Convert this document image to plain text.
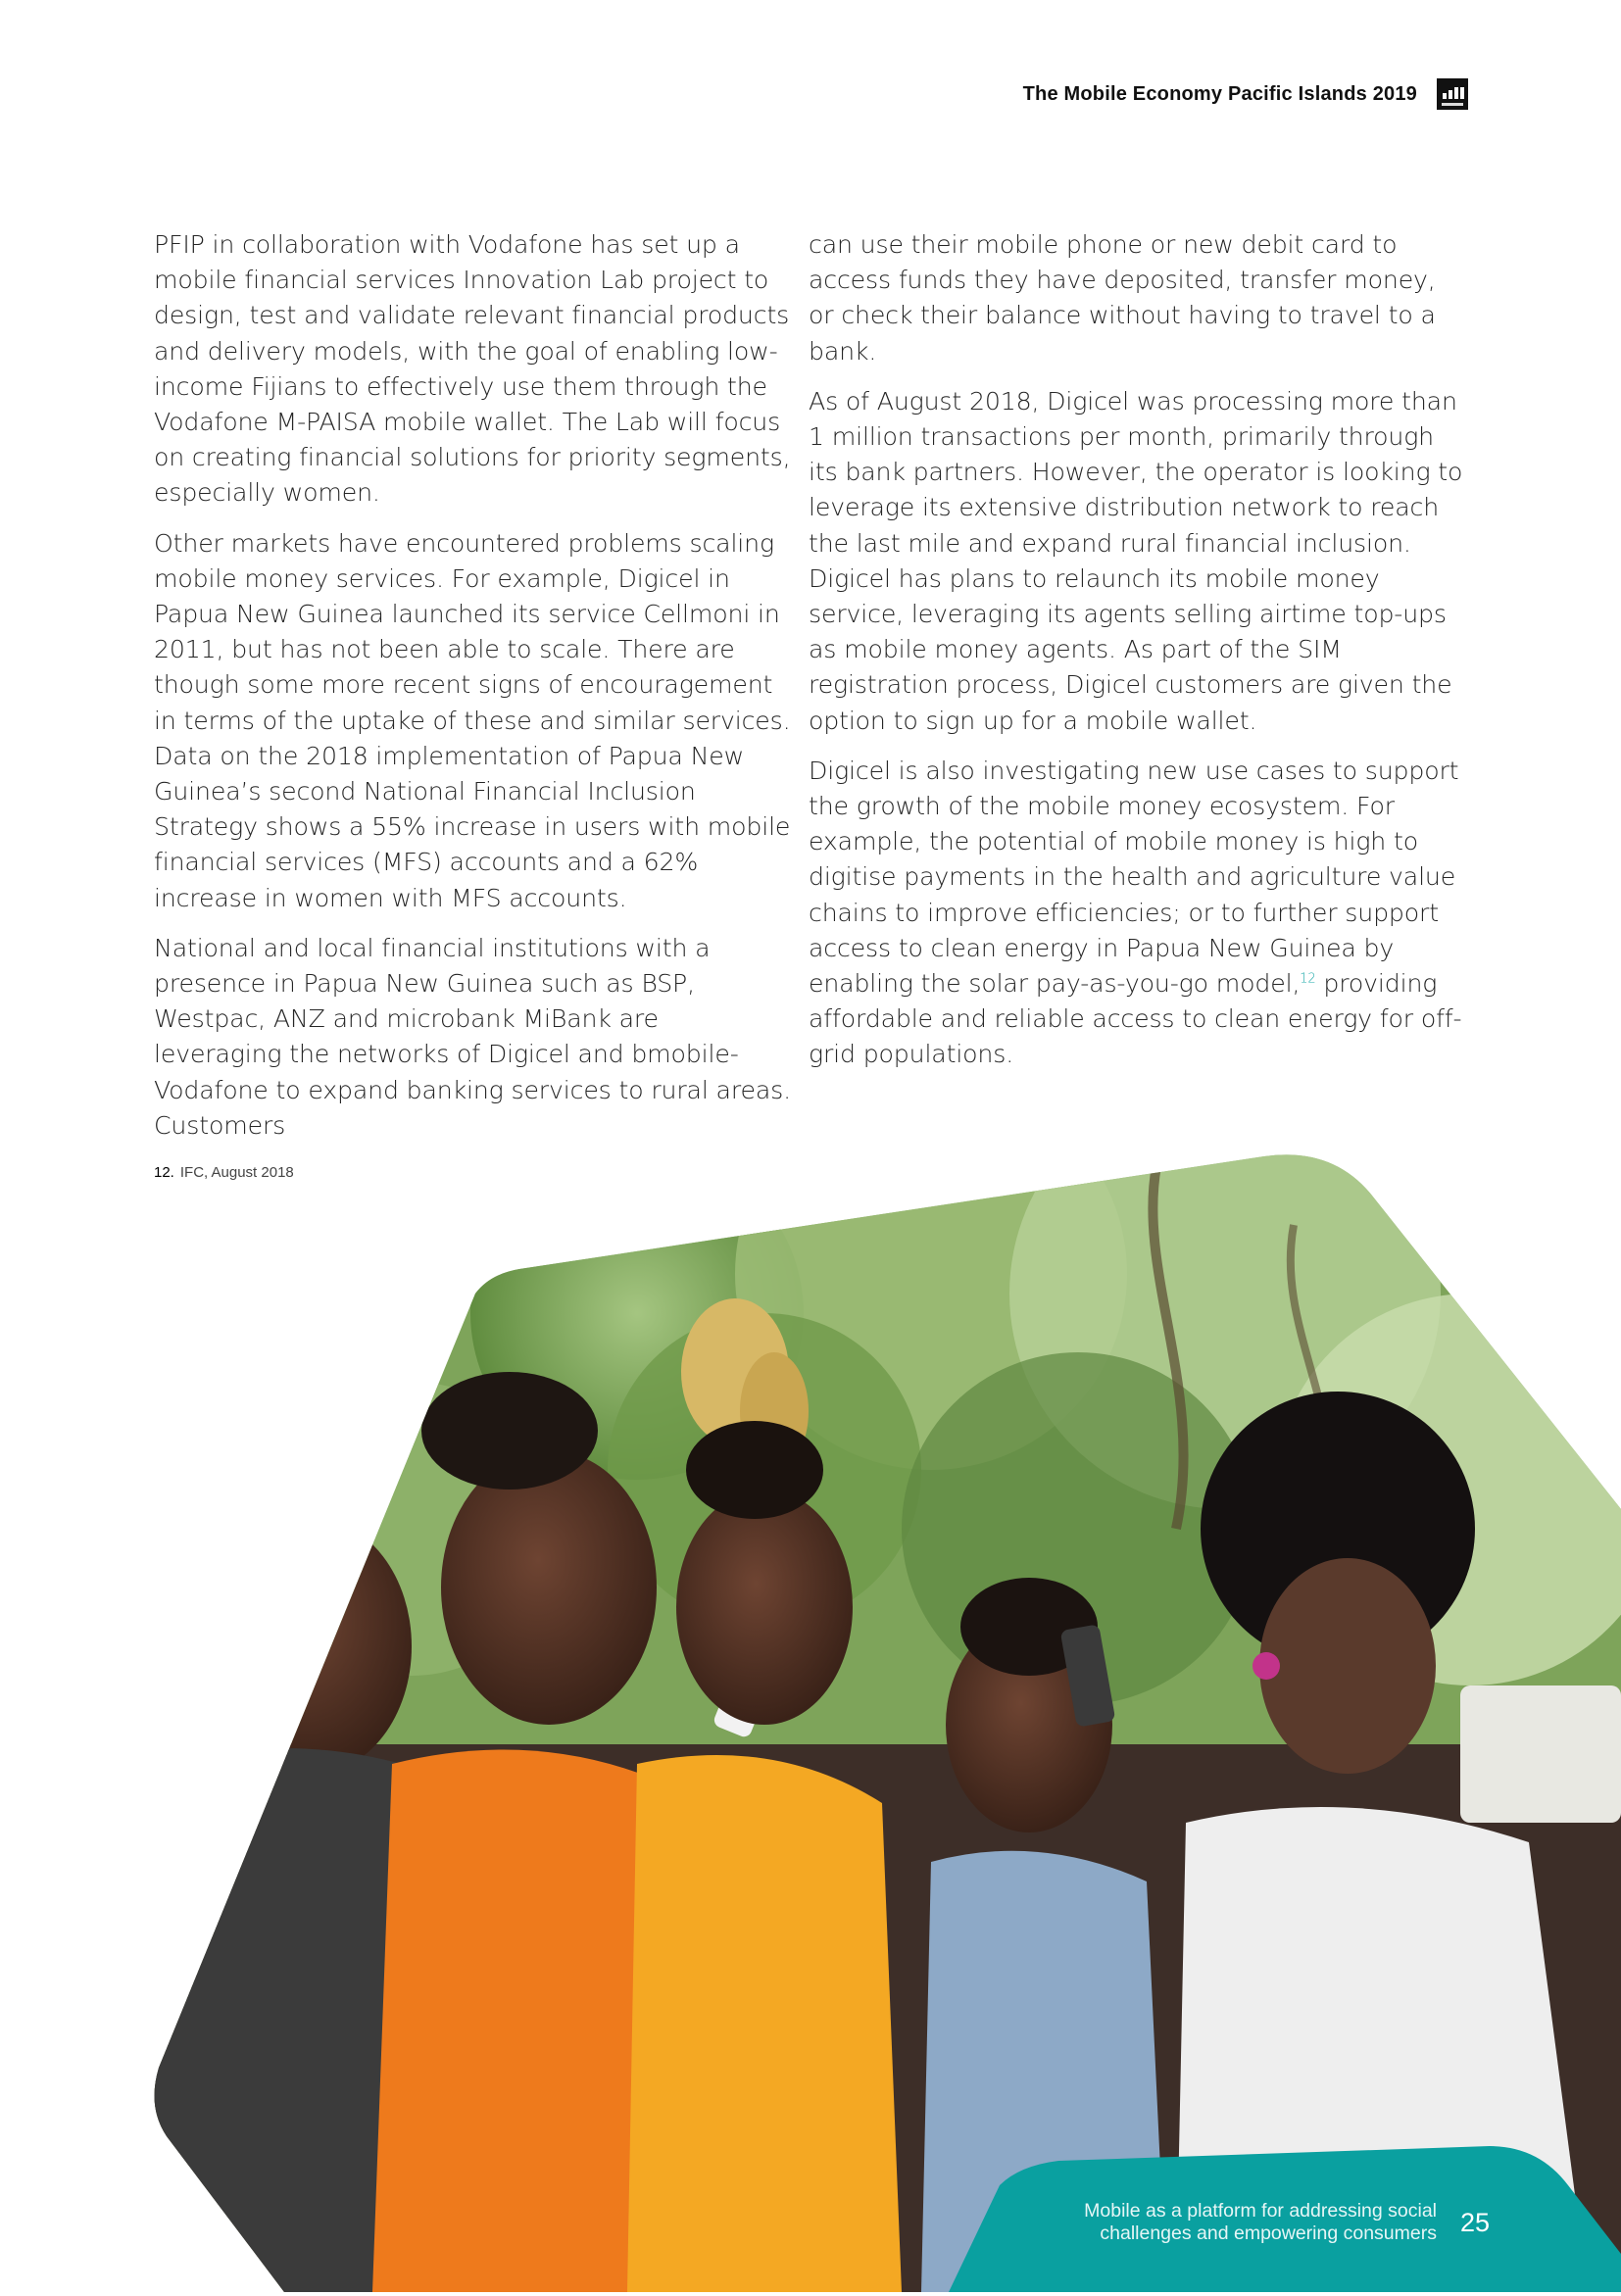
The Mobile Economy Pacific Islands 2019

PFIP in collaboration with Vodafone has set up a mobile financial services Innovation Lab project to design, test and validate relevant financial products and delivery models, with the goal of enabling low-income Fijians to effectively use them through the Vodafone M-PAISA mobile wallet. The Lab will focus on creating financial solutions for priority segments, especially women.

Other markets have encountered problems scaling mobile money services. For example, Digicel in Papua New Guinea launched its service Cellmoni in 2011, but has not been able to scale. There are though some more recent signs of encouragement in terms of the uptake of these and similar services. Data on the 2018 implementation of Papua New Guinea’s second National Financial Inclusion Strategy shows a 55% increase in users with mobile financial services (MFS) accounts and a 62% increase in women with MFS accounts.

National and local financial institutions with a presence in Papua New Guinea such as BSP, Westpac, ANZ and microbank MiBank are leveraging the networks of Digicel and bmobile-Vodafone to expand banking services to rural areas. Customers

can use their mobile phone or new debit card to access funds they have deposited, transfer money, or check their balance without having to travel to a bank.

As of August 2018, Digicel was processing more than 1 million transactions per month, primarily through its bank partners. However, the operator is looking to leverage its extensive distribution network to reach the last mile and expand rural financial inclusion. Digicel has plans to relaunch its mobile money service, leveraging its agents selling airtime top-ups as mobile money agents. As part of the SIM registration process, Digicel customers are given the option to sign up for a mobile wallet.

Digicel is also investigating new use cases to support the growth of the mobile money ecosystem. For example, the potential of mobile money is high to digitise payments in the health and agriculture value chains to improve efficiencies; or to further support access to clean energy in Papua New Guinea by enabling the solar pay-as-you-go model,$^{12}$ providing affordable and reliable access to clean energy for off-grid populations.

12. IFC, August 2018
Mobile as a platform for addressing social
challenges and empowering consumers 25
